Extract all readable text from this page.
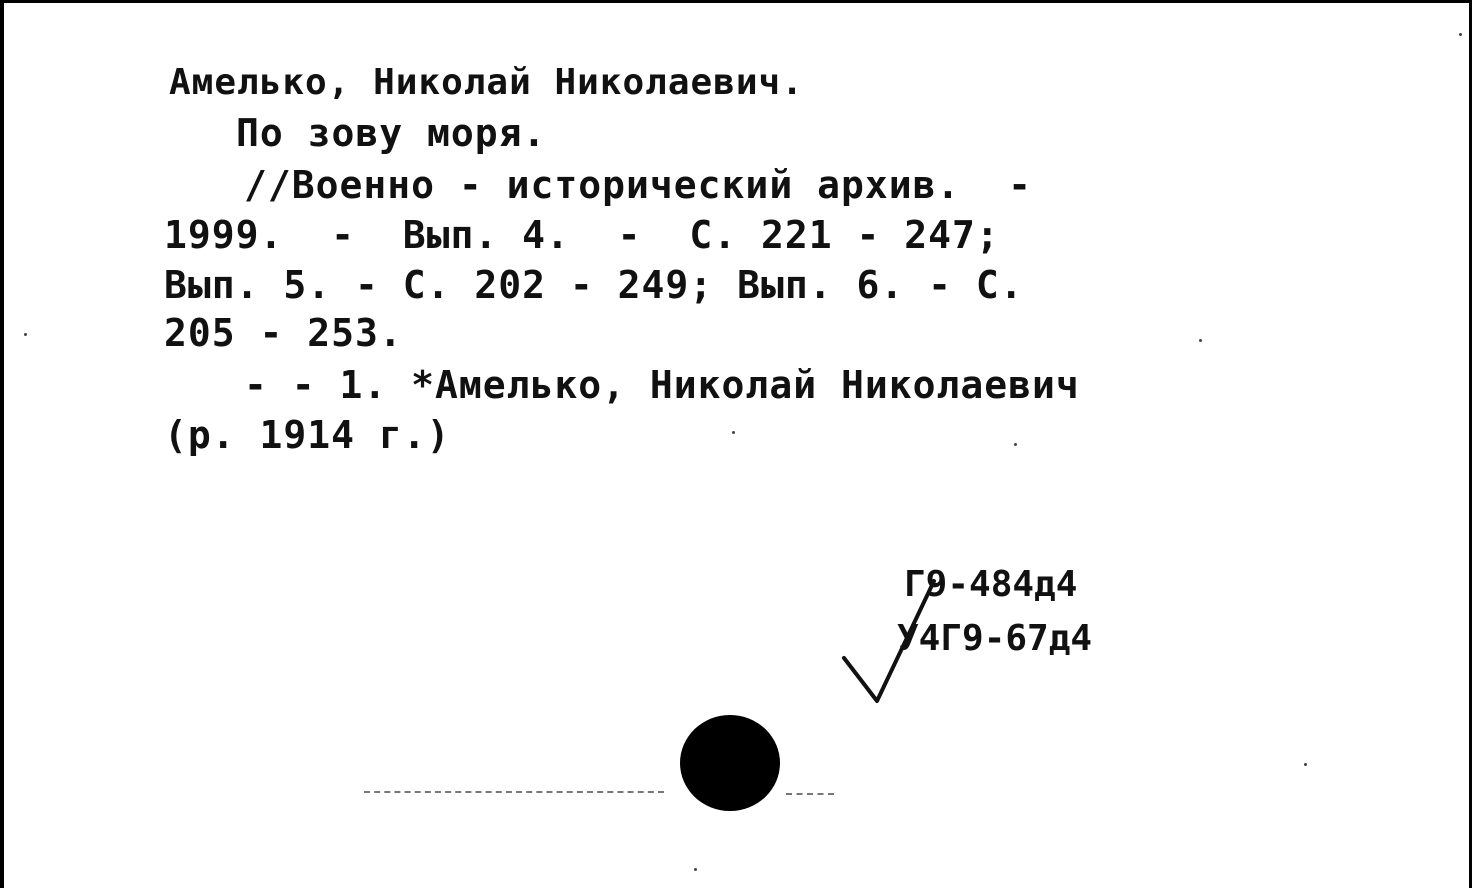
Амелько, Николай Николаевич.
По зову моря.
//Военно - исторический архив.  -
1999.  -  Вып. 4.  -  С. 221 - 247;
Вып. 5. - С. 202 - 249; Вып. 6. - С.
205 - 253.
- - 1. *Амелько, Николай Николаевич
(р. 1914 г.)
Г9-484д4
У4Г9-67д4
